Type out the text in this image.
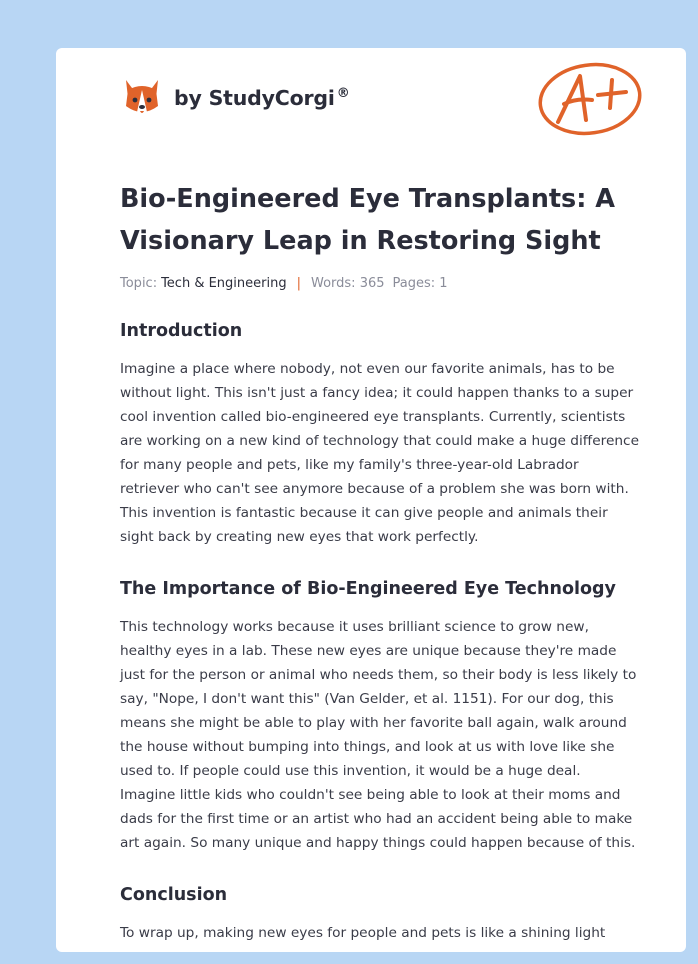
by StudyCorgi ®
Bio-Engineered Eye Transplants: A Visionary Leap in Restoring Sight
Topic: Tech & Engineering | Words: 365 Pages: 1
Introduction

Imagine a place where nobody, not even our favorite animals, has to be without light. This isn't just a fancy idea; it could happen thanks to a super cool invention called bio-engineered eye transplants. Currently, scientists are working on a new kind of technology that could make a huge difference for many people and pets, like my family's three-year-old Labrador retriever who can't see anymore because of a problem she was born with. This invention is fantastic because it can give people and animals their sight back by creating new eyes that work perfectly.

The Importance of Bio-Engineered Eye Technology

This technology works because it uses brilliant science to grow new, healthy eyes in a lab. These new eyes are unique because they're made just for the person or animal who needs them, so their body is less likely to say, "Nope, I don't want this" (Van Gelder, et al. 1151). For our dog, this means she might be able to play with her favorite ball again, walk around the house without bumping into things, and look at us with love like she used to. If people could use this invention, it would be a huge deal. Imagine little kids who couldn't see being able to look at their moms and dads for the first time or an artist who had an accident being able to make art again. So many unique and happy things could happen because of this.

Conclusion

To wrap up, making new eyes for people and pets is like a shining light
